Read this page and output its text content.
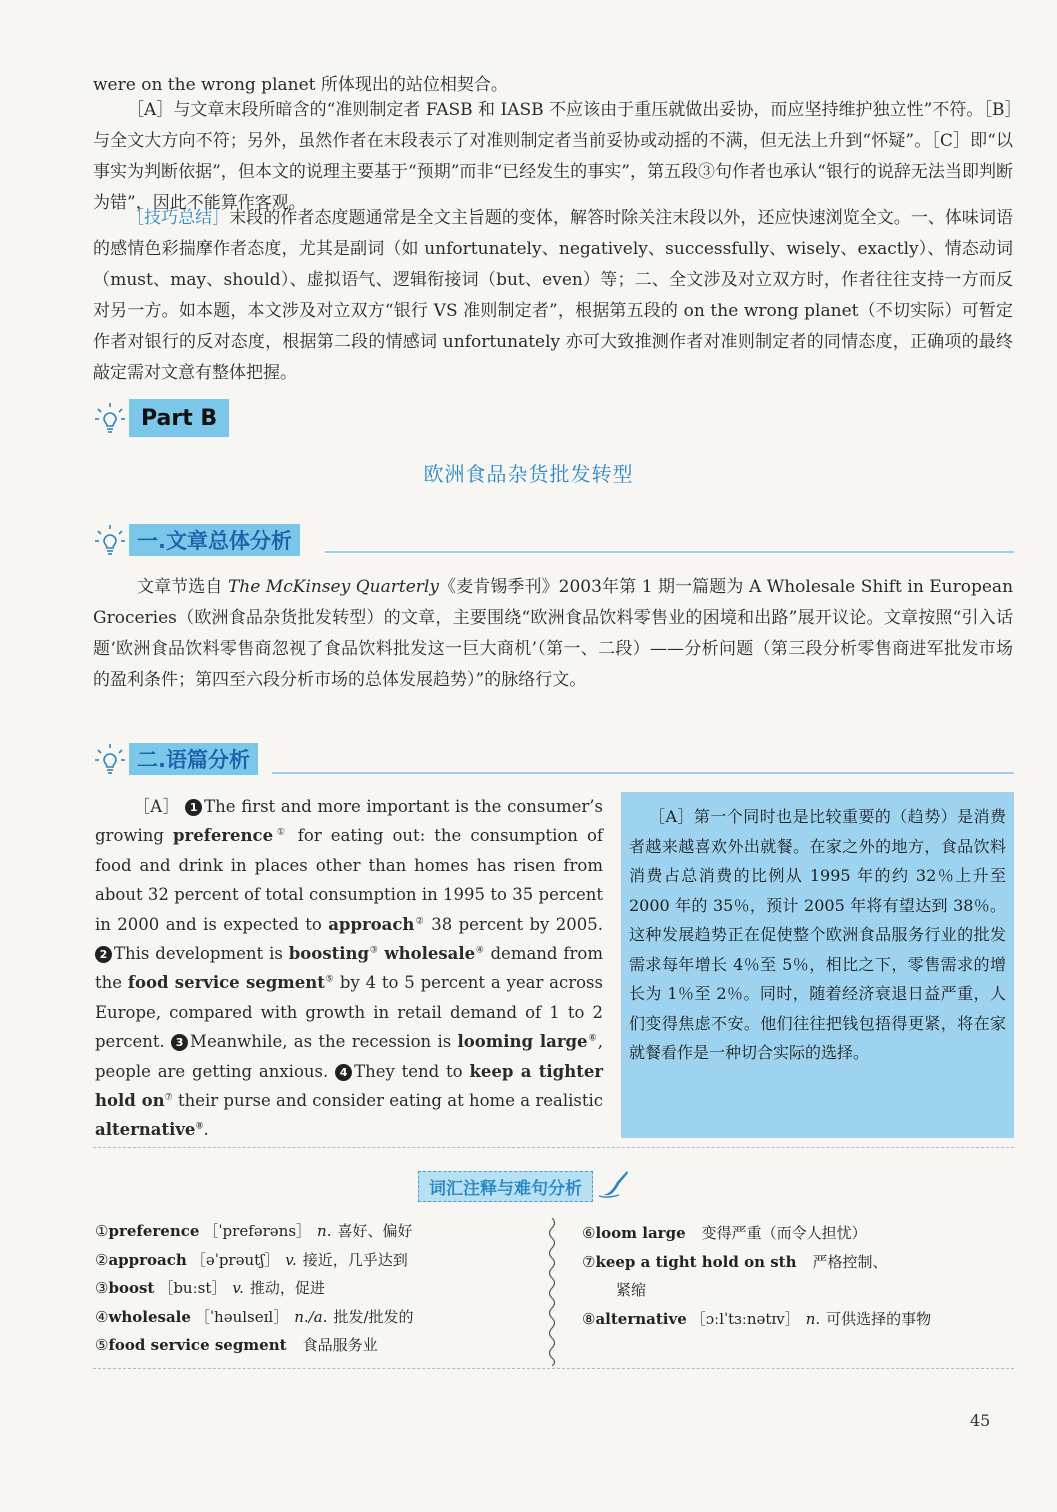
were on the wrong planet 所体现出的站位相契合。

［A］与文章末段所暗含的“准则制定者 FASB 和 IASB 不应该由于重压就做出妥协，而应坚持维护独立性”不符。［B］与全文大方向不符；另外，虽然作者在末段表示了对准则制定者当前妥协或动摇的不满，但无法上升到“怀疑”。［C］即“以事实为判断依据”，但本文的说理主要基于“预期”而非“已经发生的事实”，第五段③句作者也承认“银行的说辞无法当即判断为错”，因此不能算作客观。

［技巧总结］末段的作者态度题通常是全文主旨题的变体，解答时除关注末段以外，还应快速浏览全文。一、体味词语的感情色彩揣摩作者态度，尤其是副词（如 unfortunately、negatively、successfully、wisely、exactly）、情态动词（must、may、should）、虚拟语气、逻辑衔接词（but、even）等；二、全文涉及对立双方时，作者往往支持一方而反对另一方。如本题，本文涉及对立双方“银行 VS 准则制定者”，根据第五段的 on the wrong planet（不切实际）可暂定作者对银行的反对态度，根据第二段的情感词 unfortunately 亦可大致推测作者对准则制定者的同情态度，正确项的最终敲定需对文意有整体把握。

Part B
欧洲食品杂货批发转型
一.文章总体分析

文章节选自 The McKinsey Quarterly《麦肯锡季刊》2003年第 1 期一篇题为 A Wholesale Shift in European Groceries（欧洲食品杂货批发转型）的文章，主要围绕“欧洲食品饮料零售业的困境和出路”展开议论。文章按照“引入话题‘欧洲食品饮料零售商忽视了食品饮料批发这一巨大商机’（第一、二段）——分析问题（第三段分析零售商进军批发市场的盈利条件；第四至六段分析市场的总体发展趋势）”的脉络行文。

二.语篇分析
［A］ 1 The first and more important is the consumer’s growing preference① for eating out: the consumption of food and drink in places other than homes has risen from about 32 percent of total consumption in 1995 to 35 percent in 2000 and is expected to approach② 38 percent by 2005. 2 This development is boosting③ wholesale④ demand from the food service segment⑤ by 4 to 5 percent a year across Europe, compared with growth in retail demand of 1 to 2 percent. 3 Meanwhile, as the recession is looming large⑥, people are getting anxious. 4 They tend to keep a tighter hold on⑦ their purse and consider eating at home a realistic alternative⑧.

［A］第一个同时也是比较重要的（趋势）是消费者越来越喜欢外出就餐。在家之外的地方，食品饮料消费占总消费的比例从 1995 年的约 32％上升至 2000 年的 35％，预计 2005 年将有望达到 38％。这种发展趋势正在促使整个欧洲食品服务行业的批发需求每年增长 4％至 5％，相比之下，零售需求的增长为 1％至 2％。同时，随着经济衰退日益严重，人们变得焦虑不安。他们往往把钱包捂得更紧，将在家就餐看作是一种切合实际的选择。

词汇注释与难句分析
①preference ［ˈprefərəns］ n. 喜好、偏好
②approach ［əˈprəutʃ］ v. 接近，几乎达到
③boost ［buːst］ v. 推动，促进
④wholesale ［ˈhəulseɪl］ n./a. 批发/批发的
⑤food service segment 食品服务业
⑥loom large 变得严重（而令人担忧）
⑦keep a tight hold on sth 严格控制、
紧缩
⑧alternative ［ɔːlˈtɜːnətɪv］ n. 可供选择的事物
45
